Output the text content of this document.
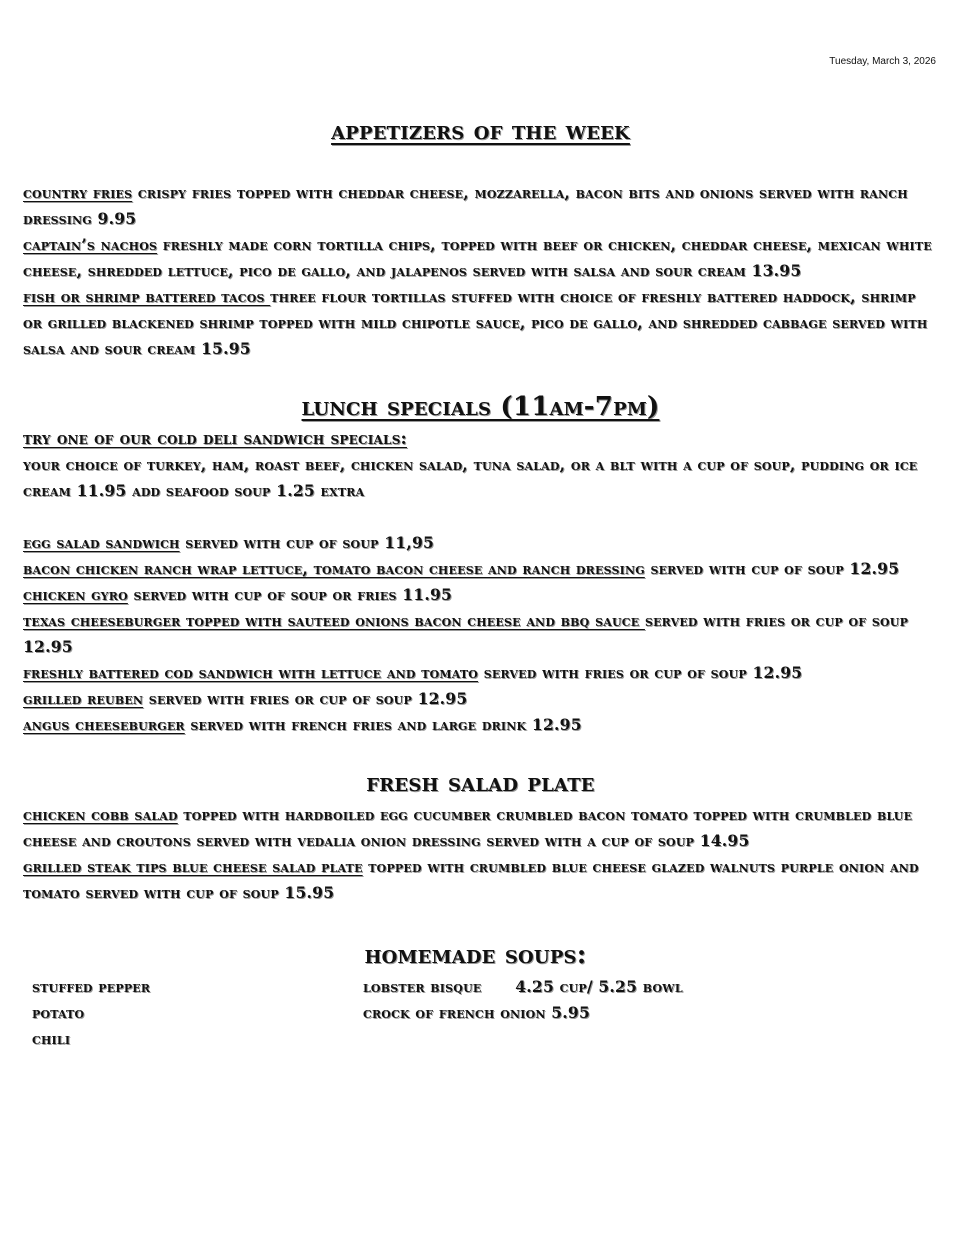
Tuesday, March 3, 2026
appetizers of the week

country fries crispy fries topped with cheddar cheese, mozzarella, bacon bits and onions served with ranch dressing 9.95

captain’s nachos freshly made corn tortilla chips, topped with beef or chicken, cheddar cheese, mexican white cheese, shredded lettuce, pico de gallo, and jalapenos served with salsa and sour cream 13.95

fish or shrimp battered tacos three flour tortillas stuffed with choice of freshly battered haddock, shrimp or grilled blackened shrimp topped with mild chipotle sauce, pico de gallo, and shredded cabbage served with salsa and sour cream 15.95

lunch specials (11am-7pm)

try one of our cold deli sandwich specials:

your choice of turkey, ham, roast beef, chicken salad, tuna salad, or a blt with a cup of soup, pudding or ice cream 11.95 add seafood soup 1.25 extra

egg salad sandwich served with cup of soup 11,95

bacon chicken ranch wrap lettuce, tomato bacon cheese and ranch dressing served with cup of soup 12.95

chicken gyro served with cup of soup or fries 11.95

texas cheeseburger topped with sauteed onions bacon cheese and bbq sauce served with fries or cup of soup 12.95

freshly battered cod sandwich with lettuce and tomato served with fries or cup of soup 12.95

grilled reuben served with fries or cup of soup 12.95

angus cheeseburger served with french fries and large drink 12.95

fresh salad plate

chicken cobb salad topped with hardboiled egg cucumber crumbled bacon tomato topped with crumbled blue cheese and croutons served with vedalia onion dressing served with a cup of soup 14.95

grilled steak tips blue cheese salad plate topped with crumbled blue cheese glazed walnuts purple onion and tomato served with cup of soup 15.95

homemade soups:
stuffed pepper
potato
chili
lobster bisque      4.25 cup/ 5.25 bowl
crock of french onion 5.95
